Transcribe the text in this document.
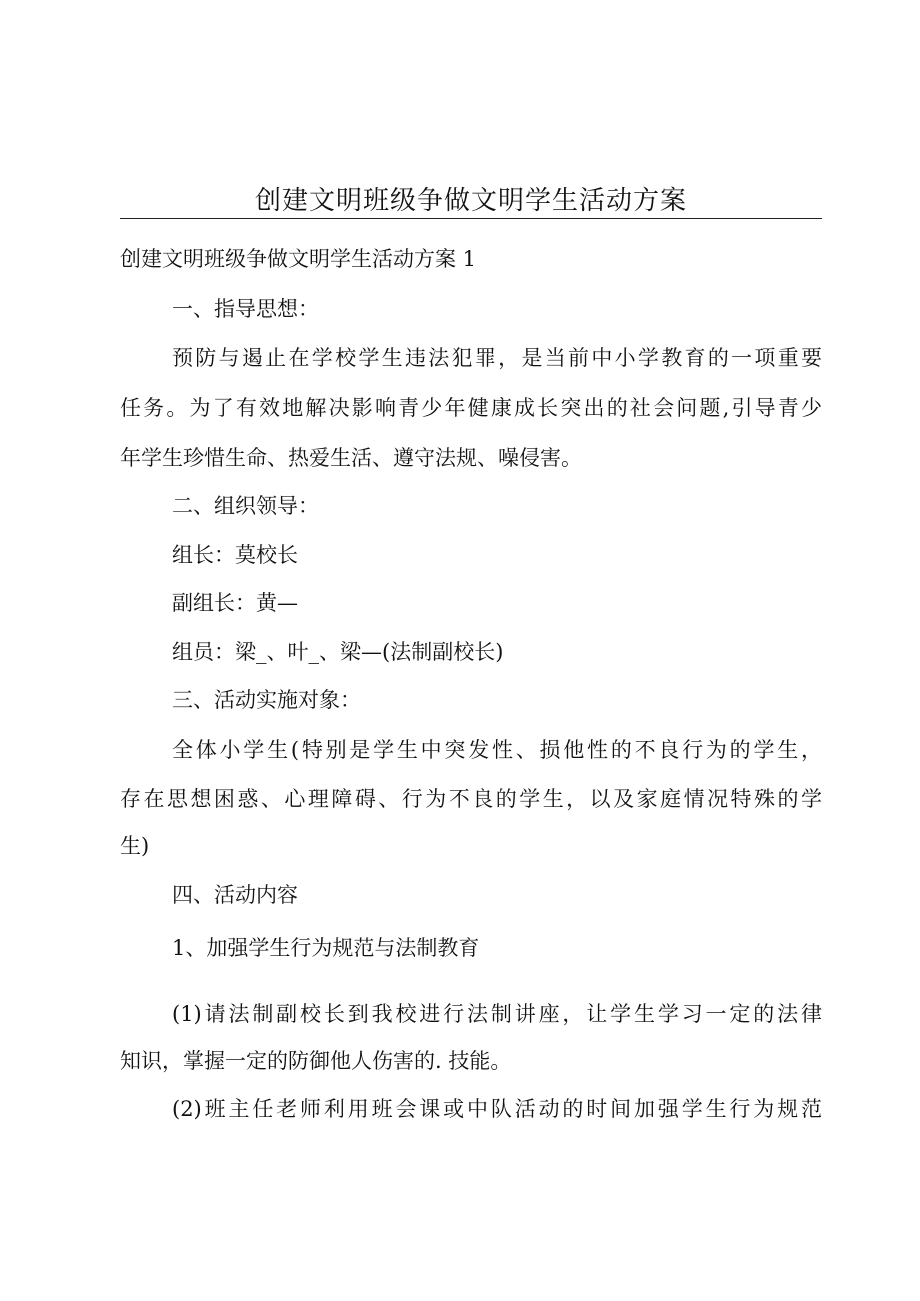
创建文明班级争做文明学生活动方案

创建文明班级争做文明学生活动方案 1

一、指导思想：

预防与遏止在学校学生违法犯罪，是当前中小学教育的一项重要

任务。为了有效地解决影响青少年健康成长突出的社会问题,引导青少

年学生珍惜生命、热爱生活、遵守法规、噪侵害。

二、组织领导：

组长：莫校长

副组长：黄—

组员：梁_、叶_、梁—(法制副校长)

三、活动实施对象：

全体小学生(特别是学生中突发性、损他性的不良行为的学生，

存在思想困惑、心理障碍、行为不良的学生，以及家庭情况特殊的学

生)

四、活动内容

1、加强学生行为规范与法制教育

(1)请法制副校长到我校进行法制讲座，让学生学习一定的法律

知识，掌握一定的防御他人伤害的. 技能。

(2)班主任老师利用班会课或中队活动的时间加强学生行为规范
